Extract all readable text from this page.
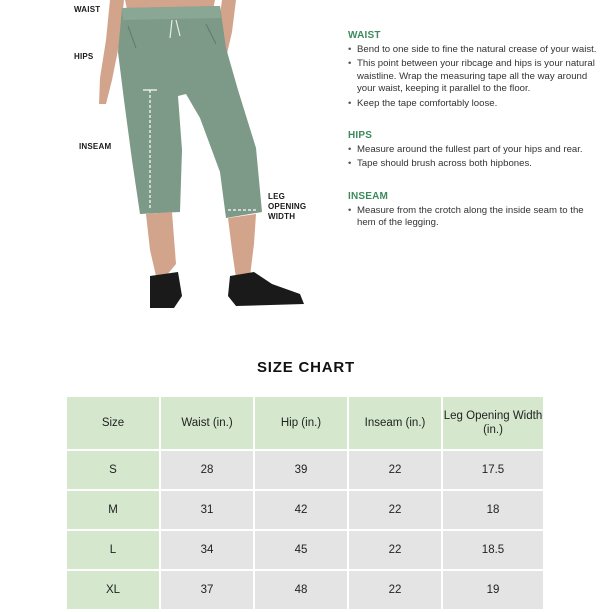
WAIST
HIPS
INSEAM
LEG
OPENING
WIDTH
WAIST
• Bend to one side to fine the natural crease of your waist.
• This point between your ribcage and hips is your natural waistline. Wrap the measuring tape all the way around your waist, keeping it parallel to the floor.
• Keep the tape comfortably loose.
HIPS
• Measure around the fullest part of your hips and rear.
• Tape should brush across both hipbones.
INSEAM
• Measure from the crotch along the inside seam to the hem of the legging.
SIZE CHART
Size	Waist (in.)	Hip (in.)	Inseam (in.)	Leg Opening Width (in.)
S	28	39	22	17.5
M	31	42	22	18
L	34	45	22	18.5
XL	37	48	22	19
